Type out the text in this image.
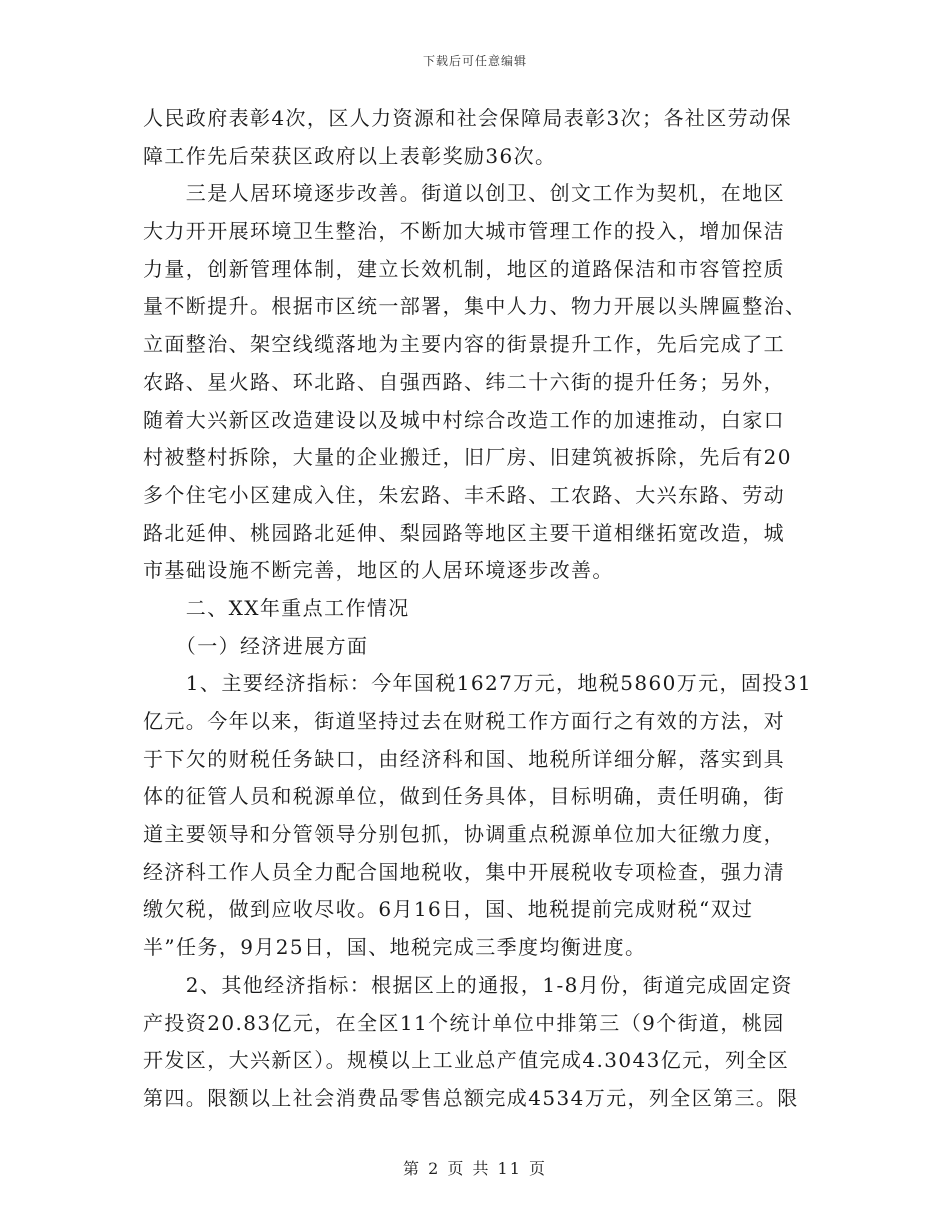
下载后可任意编辑
人民政府表彰4次，区人力资源和社会保障局表彰3次；各社区劳动保
障工作先后荣获区政府以上表彰奖励36次。
　　三是人居环境逐步改善。街道以创卫、创文工作为契机，在地区
大力开开展环境卫生整治，不断加大城市管理工作的投入，增加保洁
力量，创新管理体制，建立长效机制，地区的道路保洁和市容管控质
量不断提升。根据市区统一部署，集中人力、物力开展以头牌匾整治、
立面整治、架空线缆落地为主要内容的街景提升工作，先后完成了工
农路、星火路、环北路、自强西路、纬二十六街的提升任务；另外，
随着大兴新区改造建设以及城中村综合改造工作的加速推动，白家口
村被整村拆除，大量的企业搬迁，旧厂房、旧建筑被拆除，先后有20
多个住宅小区建成入住，朱宏路、丰禾路、工农路、大兴东路、劳动
路北延伸、桃园路北延伸、梨园路等地区主要干道相继拓宽改造，城
市基础设施不断完善，地区的人居环境逐步改善。
　　二、XX年重点工作情况
　　（一）经济进展方面
　　1、主要经济指标：今年国税1627万元，地税5860万元，固投31
亿元。今年以来，街道坚持过去在财税工作方面行之有效的方法，对
于下欠的财税任务缺口，由经济科和国、地税所详细分解，落实到具
体的征管人员和税源单位，做到任务具体，目标明确，责任明确，街
道主要领导和分管领导分别包抓，协调重点税源单位加大征缴力度，
经济科工作人员全力配合国地税收，集中开展税收专项检查，强力清
缴欠税，做到应收尽收。6月16日，国、地税提前完成财税“双过
半”任务，9月25日，国、地税完成三季度均衡进度。
　　2、其他经济指标：根据区上的通报，1-8月份，街道完成固定资
产投资20.83亿元，在全区11个统计单位中排第三（9个街道，桃园
开发区，大兴新区）。规模以上工业总产值完成4.3043亿元，列全区
第四。限额以上社会消费品零售总额完成4534万元，列全区第三。限
第 2 页 共 11 页
